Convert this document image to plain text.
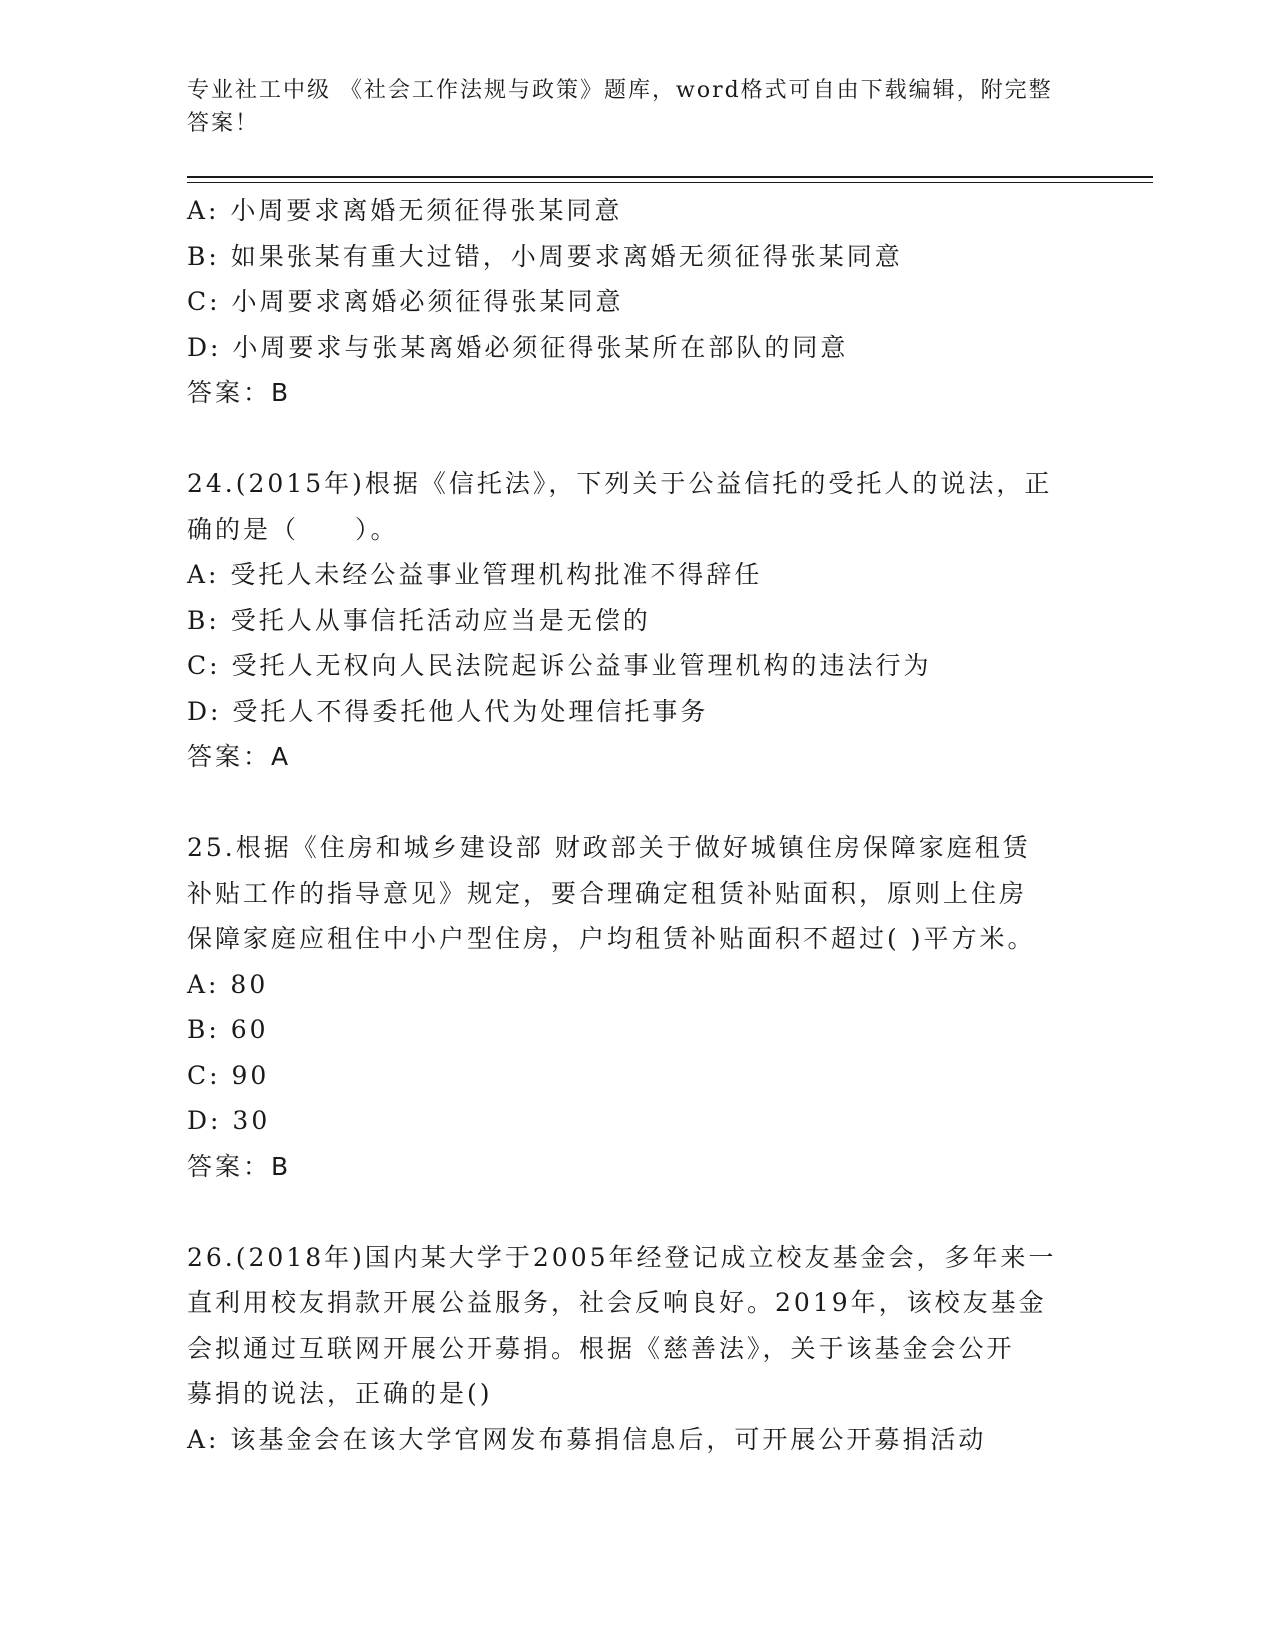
专业社工中级 《社会工作法规与政策》题库，word格式可自由下载编辑，附完整
答案！
A: 小周要求离婚无须征得张某同意
B: 如果张某有重大过错，小周要求离婚无须征得张某同意
C: 小周要求离婚必须征得张某同意
D: 小周要求与张某离婚必须征得张某所在部队的同意
答案：B
24.(2015年)根据《信托法》，下列关于公益信托的受托人的说法，正
确的是（　　）。
A: 受托人未经公益事业管理机构批准不得辞任
B: 受托人从事信托活动应当是无偿的
C: 受托人无权向人民法院起诉公益事业管理机构的违法行为
D: 受托人不得委托他人代为处理信托事务
答案：A
25.根据《住房和城乡建设部 财政部关于做好城镇住房保障家庭租赁
补贴工作的指导意见》规定，要合理确定租赁补贴面积，原则上住房
保障家庭应租住中小户型住房，户均租赁补贴面积不超过( )平方米。
A: 80
B: 60
C: 90
D: 30
答案：B
26.(2018年)国内某大学于2005年经登记成立校友基金会，多年来一
直利用校友捐款开展公益服务，社会反响良好。2019年，该校友基金
会拟通过互联网开展公开募捐。根据《慈善法》，关于该基金会公开
募捐的说法，正确的是()
A: 该基金会在该大学官网发布募捐信息后，可开展公开募捐活动
